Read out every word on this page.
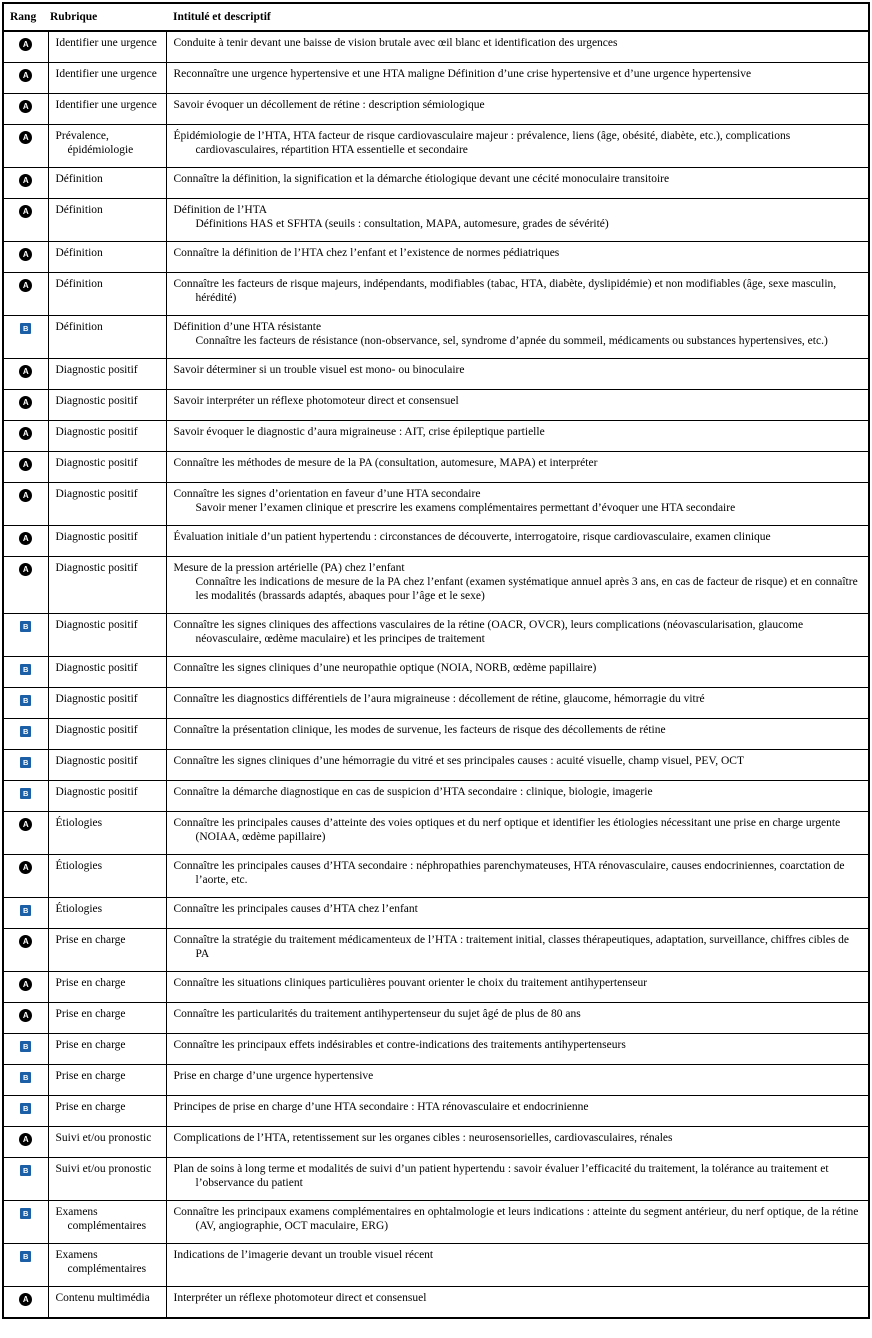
Rang	Rubrique	Intitulé et descriptif
A	Identifier une urgence	Conduite à tenir devant une baisse de vision brutale avec œil blanc et identification des urgences

A	Identifier une urgence	Reconnaître une urgence hypertensive et une HTA maligne Définition d’une crise hypertensive et d’une urgence hypertensive

A	Identifier une urgence	Savoir évoquer un décollement de rétine : description sémiologique

A	Prévalence, épidémiologie	Épidémiologie de l’HTA, HTA facteur de risque cardiovasculaire majeur : prévalence, liens (âge, obésité, diabète, etc.), complications cardiovasculaires, répartition HTA essentielle et secondaire

A	Définition	Connaître la définition, la signification et la démarche étiologique devant une cécité monoculaire transitoire

A	Définition	Définition de l’HTA

Définitions HAS et SFHTA (seuils : consultation, MAPA, automesure, grades de sévérité)

A	Définition	Connaître la définition de l’HTA chez l’enfant et l’existence de normes pédiatriques

A	Définition	Connaître les facteurs de risque majeurs, indépendants, modifiables (tabac, HTA, diabète, dyslipidémie) et non modifiables (âge, sexe masculin, hérédité)

B	Définition	Définition d’une HTA résistante

Connaître les facteurs de résistance (non-observance, sel, syndrome d’apnée du sommeil, médicaments ou substances hypertensives, etc.)

A	Diagnostic positif	Savoir déterminer si un trouble visuel est mono- ou binoculaire

A	Diagnostic positif	Savoir interpréter un réflexe photomoteur direct et consensuel

A	Diagnostic positif	Savoir évoquer le diagnostic d’aura migraineuse : AIT, crise épileptique partielle

A	Diagnostic positif	Connaître les méthodes de mesure de la PA (consultation, automesure, MAPA) et interpréter

A	Diagnostic positif	Connaître les signes d’orientation en faveur d’une HTA secondaire

Savoir mener l’examen clinique et prescrire les examens complémentaires permettant d’évoquer une HTA secondaire

A	Diagnostic positif	Évaluation initiale d’un patient hypertendu : circonstances de découverte, interrogatoire, risque cardiovasculaire, examen clinique

A	Diagnostic positif	Mesure de la pression artérielle (PA) chez l’enfant

Connaître les indications de mesure de la PA chez l’enfant (examen systématique annuel après 3 ans, en cas de facteur de risque) et en connaître les modalités (brassards adaptés, abaques pour l’âge et le sexe)

B	Diagnostic positif	Connaître les signes cliniques des affections vasculaires de la rétine (OACR, OVCR), leurs complications (néovascularisation, glaucome néovasculaire, œdème maculaire) et les principes de traitement

B	Diagnostic positif	Connaître les signes cliniques d’une neuropathie optique (NOIA, NORB, œdème papillaire)

B	Diagnostic positif	Connaître les diagnostics différentiels de l’aura migraineuse : décollement de rétine, glaucome, hémorragie du vitré

B	Diagnostic positif	Connaître la présentation clinique, les modes de survenue, les facteurs de risque des décollements de rétine

B	Diagnostic positif	Connaître les signes cliniques d’une hémorragie du vitré et ses principales causes : acuité visuelle, champ visuel, PEV, OCT

B	Diagnostic positif	Connaître la démarche diagnostique en cas de suspicion d’HTA secondaire : clinique, biologie, imagerie

A	Étiologies	Connaître les principales causes d’atteinte des voies optiques et du nerf optique et identifier les étiologies nécessitant une prise en charge urgente (NOIAA, œdème papillaire)

A	Étiologies	Connaître les principales causes d’HTA secondaire : néphropathies parenchymateuses, HTA rénovasculaire, causes endocriniennes, coarctation de l’aorte, etc.

B	Étiologies	Connaître les principales causes d’HTA chez l’enfant

A	Prise en charge	Connaître la stratégie du traitement médicamenteux de l’HTA : traitement initial, classes thérapeutiques, adaptation, surveillance, chiffres cibles de PA

A	Prise en charge	Connaître les situations cliniques particulières pouvant orienter le choix du traitement antihypertenseur

A	Prise en charge	Connaître les particularités du traitement antihypertenseur du sujet âgé de plus de 80 ans

B	Prise en charge	Connaître les principaux effets indésirables et contre-indications des traitements antihypertenseurs

B	Prise en charge	Prise en charge d’une urgence hypertensive

B	Prise en charge	Principes de prise en charge d’une HTA secondaire : HTA rénovasculaire et endocrinienne

A	Suivi et/ou pronostic	Complications de l’HTA, retentissement sur les organes cibles : neurosensorielles, cardiovasculaires, rénales

B	Suivi et/ou pronostic	Plan de soins à long terme et modalités de suivi d’un patient hypertendu : savoir évaluer l’efficacité du traitement, la tolérance au traitement et l’observance du patient

B	Examens complémentaires	Connaître les principaux examens complémentaires en ophtalmologie et leurs indications : atteinte du segment antérieur, du nerf optique, de la rétine (AV, angiographie, OCT maculaire, ERG)

B	Examens complémentaires	Indications de l’imagerie devant un trouble visuel récent

A	Contenu multimédia	Interpréter un réflexe photomoteur direct et consensuel
